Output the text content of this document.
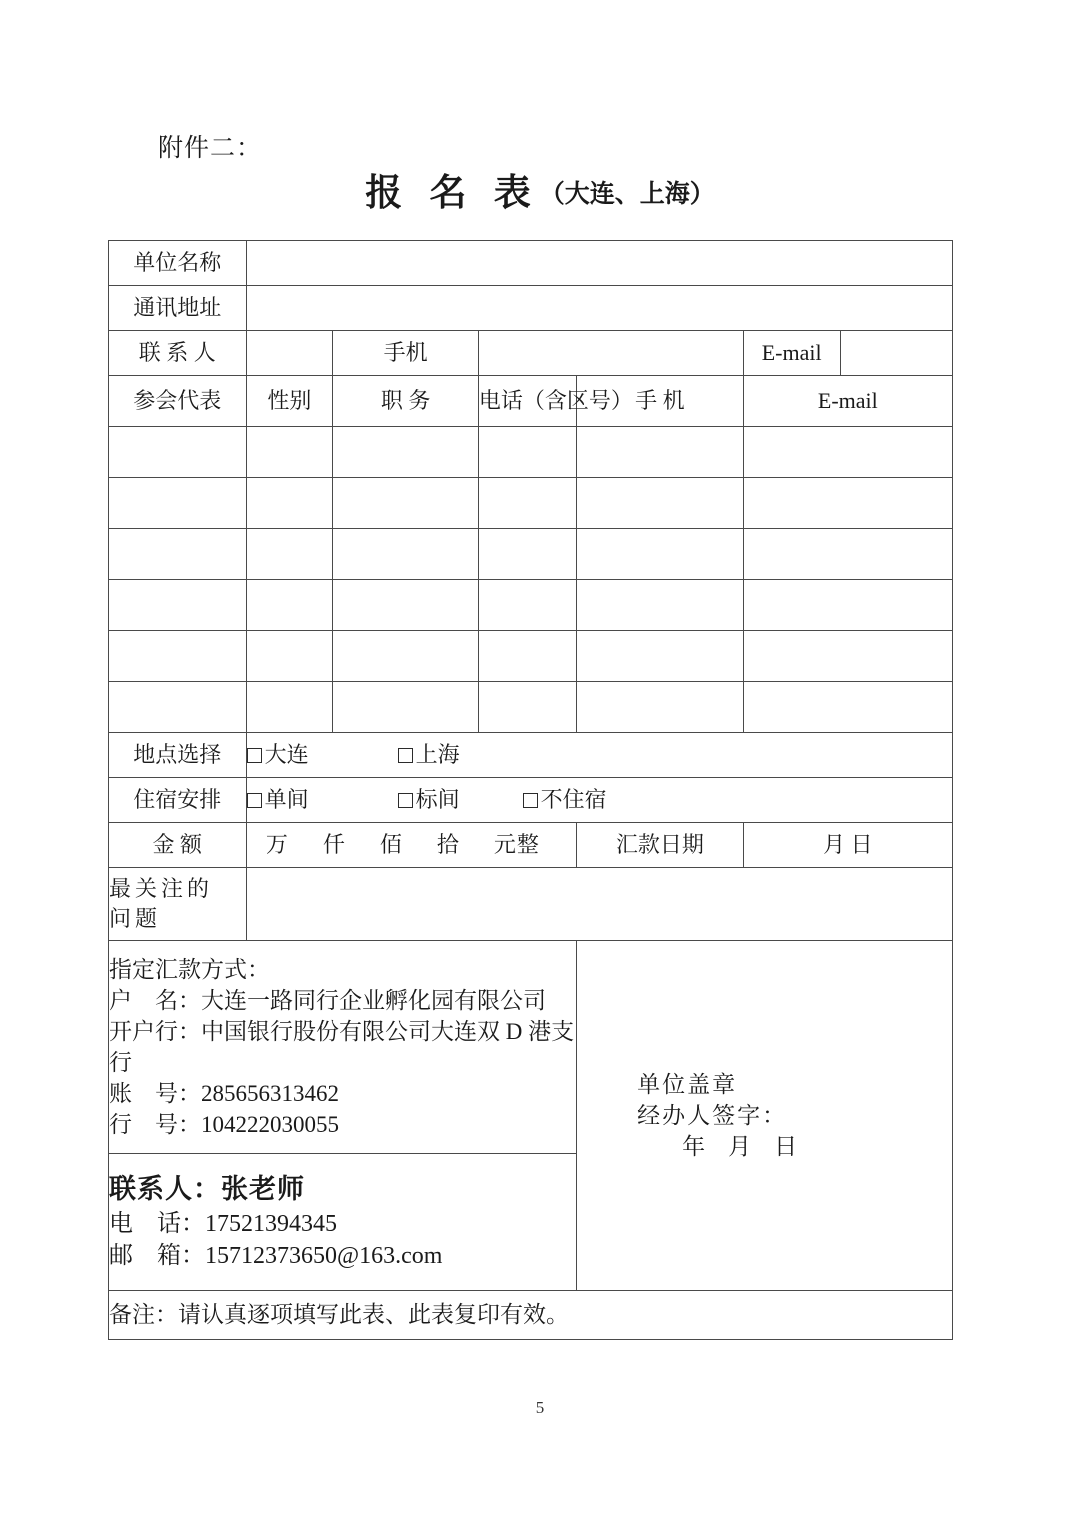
附件二：
报 名 表（大连、上海）
单位名称					
通讯地址					
联 系 人		手机			E-mail

参会代表	性别	职 务	电话（含区号）	手 机	E-mail

地点选择	大连 上海				
住宿安排	单间 标间 不住宿				
金 额	万 仟 佰 拾 元整			汇款日期	月 日

最关注的
问题					

指定汇款方式：
户　名：大连一路同行企业孵化园有限公司
开户行：中国银行股份有限公司大连双 D 港支行
账　号：285656313462
行　号：104222030055

单位盖章
经办人签字：
年 月 日

联系人：张老师
电　话：17521394345
邮　箱：15712373650@163.com					

备注：请认真逐项填写此表、此表复印有效。					
5
